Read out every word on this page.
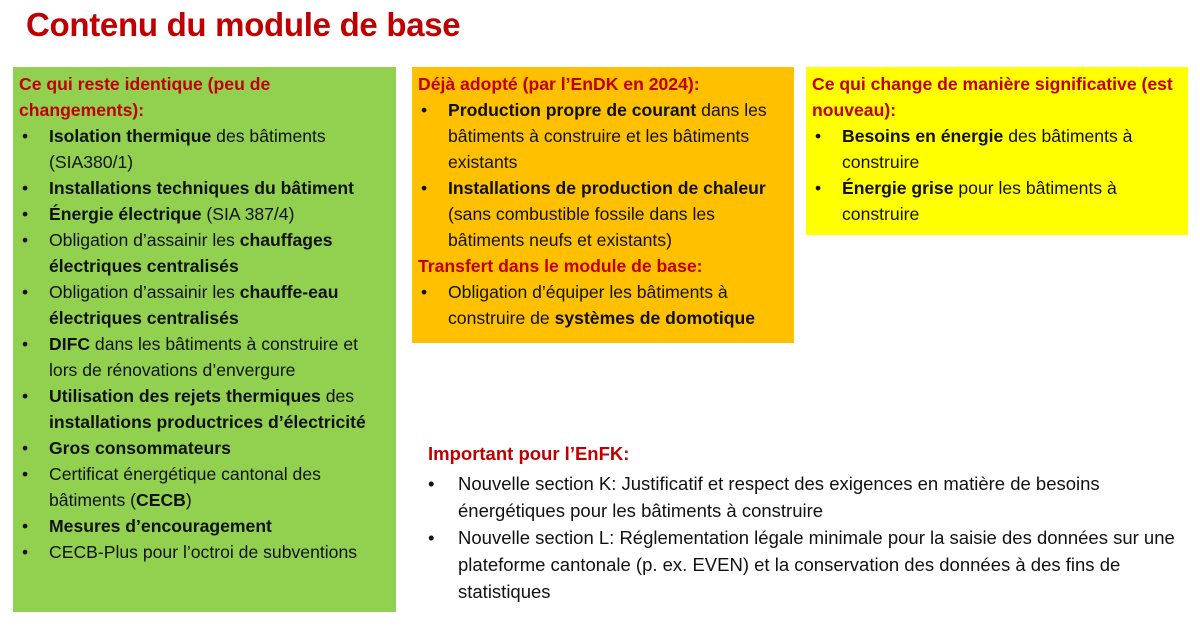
Contenu du module de base
Ce qui reste identique (peu de changements):
• Isolation thermique des bâtiments (SIA380/1)
• Installations techniques du bâtiment
• Énergie électrique (SIA 387/4)
• Obligation d’assainir les chauffages électriques centralisés
• Obligation d’assainir les chauffe-eau électriques centralisés
• DIFC dans les bâtiments à construire et lors de rénovations d’envergure
• Utilisation des rejets thermiques des installations productrices d’électricité
• Gros consommateurs
• Certificat énergétique cantonal des bâtiments (CECB)
• Mesures d’encouragement
• CECB-Plus pour l’octroi de subventions
Déjà adopté (par l’EnDK en 2024):
• Production propre de courant dans les bâtiments à construire et les bâtiments existants
• Installations de production de chaleur (sans combustible fossile dans les bâtiments neufs et existants)
Transfert dans le module de base:
• Obligation d’équiper les bâtiments à construire de systèmes de domotique
Ce qui change de manière significative (est nouveau):
• Besoins en énergie des bâtiments à construire
• Énergie grise pour les bâtiments à construire
Important pour l’EnFK:
• Nouvelle section K: Justificatif et respect des exigences en matière de besoins énergétiques pour les bâtiments à construire
• Nouvelle section L: Réglementation légale minimale pour la saisie des données sur une plateforme cantonale (p. ex. EVEN) et la conservation des données à des fins de statistiques
